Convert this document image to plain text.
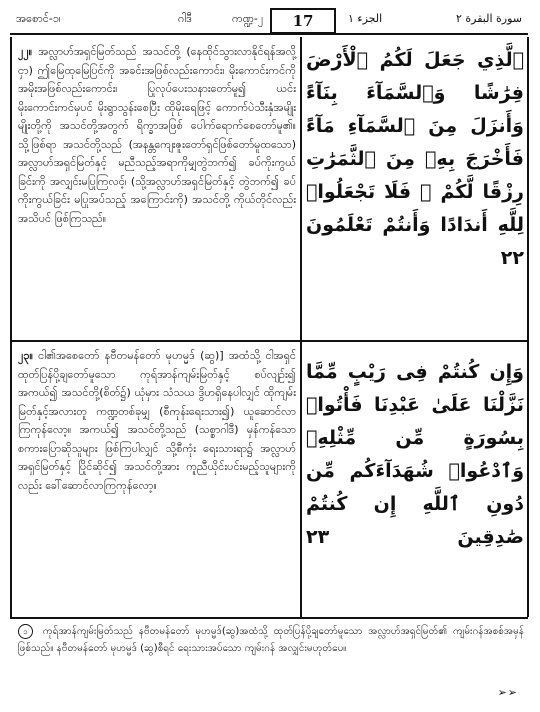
အစောင်-၁၊	ဂါဒီ	ကဏ္ဍ-၂	17	الجزء ١	سورة البقرة ٢
၂၂။ အလ္လာဟ်အရှင်မြတ်သည် အသင်တို့ (နေထိုင်သွားလာနိုင်ရန်အလို့ငှာ) ဤမြေထုမြေပြင်ကို အခင်းအဖြစ်လည်းကောင်း၊ မိုးကောင်းကင်ကို အမိုးအဖြစ်လည်းကောင်း၊ ပြုလုပ်ပေးသနားတော်မူ၍ ယင်းမိုးကောင်းကင်မှပင် မိုးရွာသွန်းစေပြီး ထိုမိုးရေဖြင့် ကောက်ပဲသီးနှံအမျိုးမျိုးတို့ကို အသင်တို့အတွက် ရိက္ခာအဖြစ် ပေါက်ရောက်စေတော်မူ၏။ သို့ဖြစ်ရာ အသင်တို့သည် (အနန္တကျေးဇူးတော်ရှင်ဖြစ်တော်မူထသော) အလ္လာဟ်အရှင်မြတ်နှင့် မညီသည့်အရာကိုမျှတွဲဘက်၍ ခပ်ကိုးကွယ်ခြင်းကို အလျှင်းမပြုကြလင့်၊ (သို့အလ္လာဟ်အရှင်မြတ်နှင့် တွဲဘက်၍ ခပ်ကိုးကွယ်ခြင်း မပြုအပ်သည့် အကြောင်းကို) အသင်တို့ ကိုယ်တိုင်လည်းအသိပင် ဖြစ်ကြသည်။
ٱلَّذِي جَعَلَ لَكُمُ ٱلْأَرْضَ فِرَٰشًا وَٱلسَّمَآءَ بِنَآءً وَأَنزَلَ مِنَ ٱلسَّمَآءِ مَآءً فَأَخْرَجَ بِهِۦ مِنَ ٱلثَّمَرَٰتِ رِزْقًا لَّكُمْ ۖ فَلَا تَجْعَلُوا۟ لِلَّهِ أَندَادًا وَأَنتُمْ تَعْلَمُونَ ٢٢
၂၃။ ငါ၏အစေတော် နဗီတမန်တော် မုဟမ္မဒ် (ဆွ)] အထံသို့ ငါအရှင်ထုတ်ပြန်ပို့ချတော်မူသော ကုရ်အာန်ကျမ်းမြတ်နှင့် စပ်လျဉ်း၍ အကယ်၍ အသင်တို့(စိတ်၌) ယုံမှား သံသယ ဒွိဟရှိနေပါလျှင် ထိုကျမ်းမြတ်နှင့်အလားတူ ကဏ္ဍတစ်ခုမျှ (စီကုန်းရေးသား၍) ယူဆောင်လာကြကုန်လော့။ အကယ်၍ အသင်တို့သည် (သစ္စာဂါဒီ) မှန်ကန်သော စကားပြောဆိုသူများ ဖြစ်ကြပါလျှင် သို့စီကုံး ရေးသားရာ၌ အလ္လာဟ်အရှင်မြတ်နှင့် ပြိုင်ဆိုင်၍ အသင်တို့အား ကူညီယိုင်းပင်းမည့်သူများကိုလည်း ခေါ်ဆောင်လာကြကုန်လော့။
وَإِن كُنتُمْ فِى رَيْبٍ مِّمَّا نَزَّلْنَا عَلَىٰ عَبْدِنَا فَأْتُوا۟ بِسُورَةٍ مِّن مِّثْلِهِۦ وَٱدْعُوا۟ شُهَدَآءَكُم مِّن دُونِ ٱللَّهِ إِن كُنتُمْ صَٰدِقِينَ ٢٣
၁ ကုရ်အာန်ကျမ်းမြတ်သည် နဗီတမန်တော် မုဟမ္မဒ်(ဆွ)အထံသို့ ထုတ်ပြန်ပို့ချတော်မူသော အလ္လာဟ်အရှင်မြတ်၏ ကျမ်းဂန်အစစ်အမှန်ဖြစ်သည်။ နဗီတမန်တော် မုဟမ္မဒ် (ဆွ)စီရင် ရေးသားအပ်သော ကျမ်းဂန် အလျှင်းမဟုတ်ပေ။
➢➢
